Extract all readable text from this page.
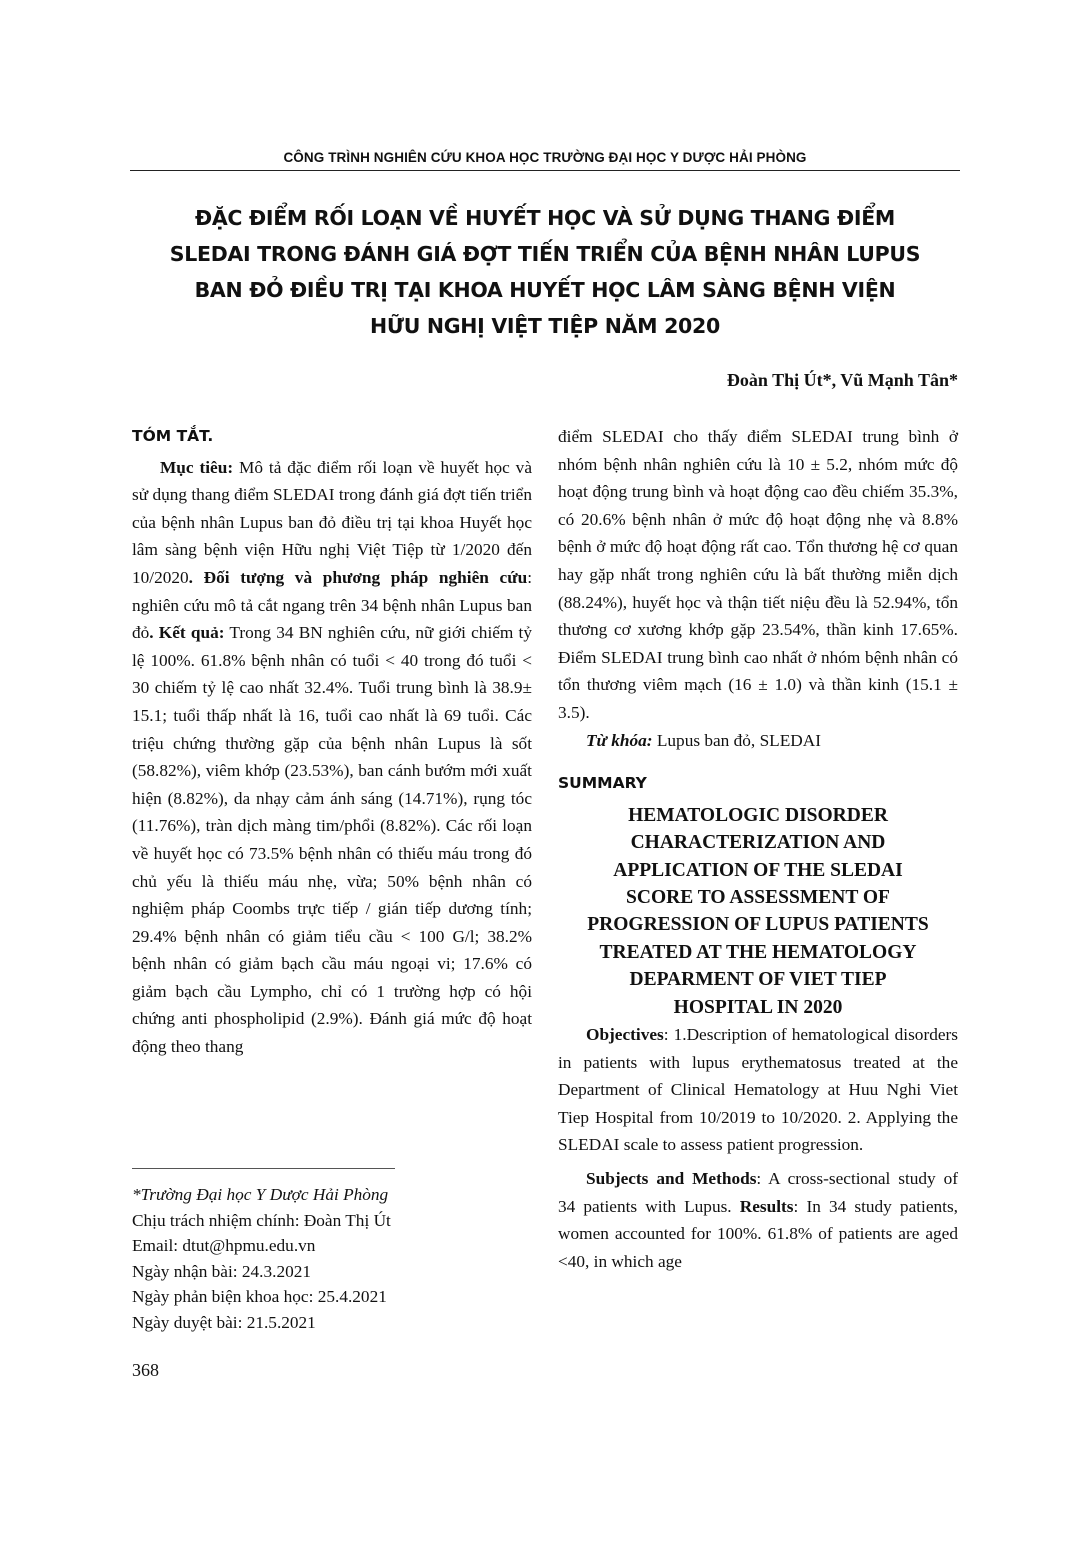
CÔNG TRÌNH NGHIÊN CỨU KHOA HỌC TRƯỜNG ĐẠI HỌC Y DƯỢC HẢI PHÒNG
ĐẶC ĐIỂM RỐI LOẠN VỀ HUYẾT HỌC VÀ SỬ DỤNG THANG ĐIỂM
SLEDAI TRONG ĐÁNH GIÁ ĐỢT TIẾN TRIỂN CỦA BỆNH NHÂN LUPUS
BAN ĐỎ ĐIỀU TRỊ TẠI KHOA HUYẾT HỌC LÂM SÀNG BỆNH VIỆN
HỮU NGHỊ VIỆT TIỆP NĂM 2020
Đoàn Thị Út*, Vũ Mạnh Tân*
TÓM TẮT.

Mục tiêu: Mô tả đặc điểm rối loạn về huyết học và sử dụng thang điểm SLEDAI trong đánh giá đợt tiến triển của bệnh nhân Lupus ban đỏ điều trị tại khoa Huyết học lâm sàng bệnh viện Hữu nghị Việt Tiệp từ 1/2020 đến 10/2020. Đối tượng và phương pháp nghiên cứu: nghiên cứu mô tả cắt ngang trên 34 bệnh nhân Lupus ban đỏ. Kết quả: Trong 34 BN nghiên cứu, nữ giới chiếm tỷ lệ 100%. 61.8% bệnh nhân có tuổi < 40 trong đó tuổi < 30 chiếm tỷ lệ cao nhất 32.4%. Tuổi trung bình là 38.9± 15.1; tuổi thấp nhất là 16, tuổi cao nhất là 69 tuổi. Các triệu chứng thường gặp của bệnh nhân Lupus là sốt (58.82%), viêm khớp (23.53%), ban cánh bướm mới xuất hiện (8.82%), da nhạy cảm ánh sáng (14.71%), rụng tóc (11.76%), tràn dịch màng tim/phổi (8.82%). Các rối loạn về huyết học có 73.5% bệnh nhân có thiếu máu trong đó chủ yếu là thiếu máu nhẹ, vừa; 50% bệnh nhân có nghiệm pháp Coombs trực tiếp / gián tiếp dương tính; 29.4% bệnh nhân có giảm tiểu cầu < 100 G/l; 38.2% bệnh nhân có giảm bạch cầu máu ngoại vi; 17.6% có giảm bạch cầu Lympho, chỉ có 1 trường hợp có hội chứng anti phospholipid (2.9%). Đánh giá mức độ hoạt động theo thang

điểm SLEDAI cho thấy điểm SLEDAI trung bình ở nhóm bệnh nhân nghiên cứu là 10 ± 5.2, nhóm mức độ hoạt động trung bình và hoạt động cao đều chiếm 35.3%, có 20.6% bệnh nhân ở mức độ hoạt động nhẹ và 8.8% bệnh ở mức độ hoạt động rất cao. Tổn thương hệ cơ quan hay gặp nhất trong nghiên cứu là bất thường miễn dịch (88.24%), huyết học và thận tiết niệu đều là 52.94%, tổn thương cơ xương khớp gặp 23.54%, thần kinh 17.65%. Điểm SLEDAI trung bình cao nhất ở nhóm bệnh nhân có tổn thương viêm mạch (16 ± 1.0) và thần kinh (15.1 ± 3.5).

Từ khóa: Lupus ban đỏ, SLEDAI

SUMMARY
HEMATOLOGIC DISORDER
CHARACTERIZATION AND
APPLICATION OF THE SLEDAI
SCORE TO ASSESSMENT OF
PROGRESSION OF LUPUS PATIENTS
TREATED AT THE HEMATOLOGY
DEPARMENT OF VIET TIEP
HOSPITAL IN 2020

Objectives: 1.Description of hematological disorders in patients with lupus erythematosus treated at the Department of Clinical Hematology at Huu Nghi Viet Tiep Hospital from 10/2019 to 10/2020. 2. Applying the SLEDAI scale to assess patient progression.

Subjects and Methods: A cross-sectional study of 34 patients with Lupus. Results: In 34 study patients, women accounted for 100%. 61.8% of patients are aged <40, in which age

*Trường Đại học Y Dược Hải Phòng
Chịu trách nhiệm chính: Đoàn Thị Út
Email: dtut@hpmu.edu.vn
Ngày nhận bài: 24.3.2021
Ngày phản biện khoa học: 25.4.2021
Ngày duyệt bài: 21.5.2021
368
